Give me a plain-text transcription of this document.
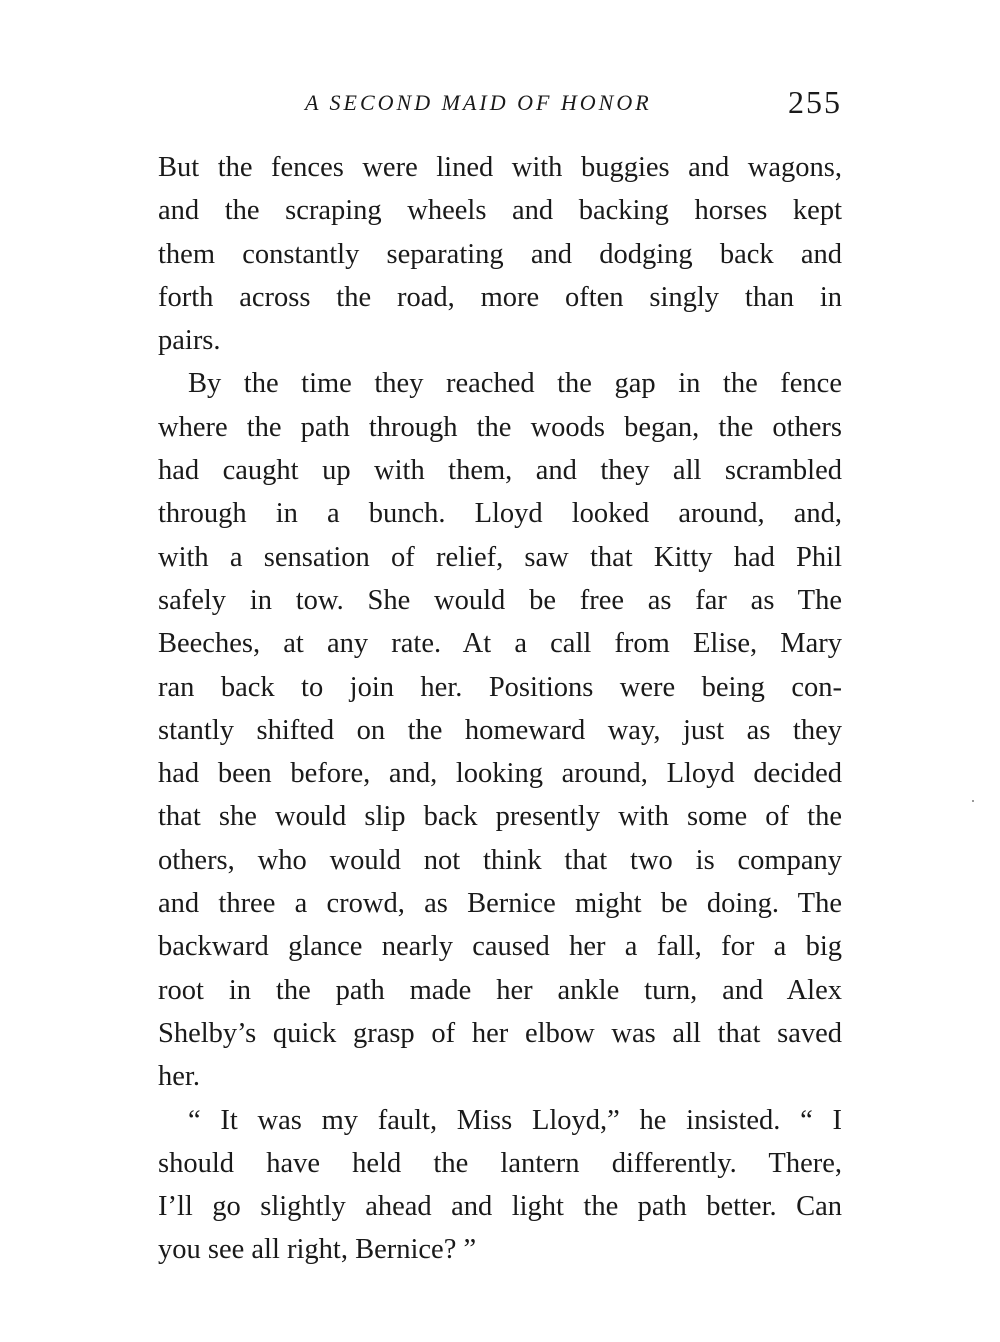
A SECOND MAID OF HONOR	255
But the fences were lined with buggies and wagons,
and the scraping wheels and backing horses kept
them constantly separating and dodging back and
forth across the road, more often singly than in
pairs.
By the time they reached the gap in the fence
where the path through the woods began, the others
had caught up with them, and they all scrambled
through in a bunch. Lloyd looked around, and,
with a sensation of relief, saw that Kitty had Phil
safely in tow. She would be free as far as The
Beeches, at any rate. At a call from Elise, Mary
ran back to join her. Positions were being con-
stantly shifted on the homeward way, just as they
had been before, and, looking around, Lloyd decided
that she would slip back presently with some of the
others, who would not think that two is company
and three a crowd, as Bernice might be doing. The
backward glance nearly caused her a fall, for a big
root in the path made her ankle turn, and Alex
Shelby’s quick grasp of her elbow was all that saved
her.
“ It was my fault, Miss Lloyd,” he insisted. “ I
should have held the lantern differently. There,
I’ll go slightly ahead and light the path better. Can
you see all right, Bernice? ”
